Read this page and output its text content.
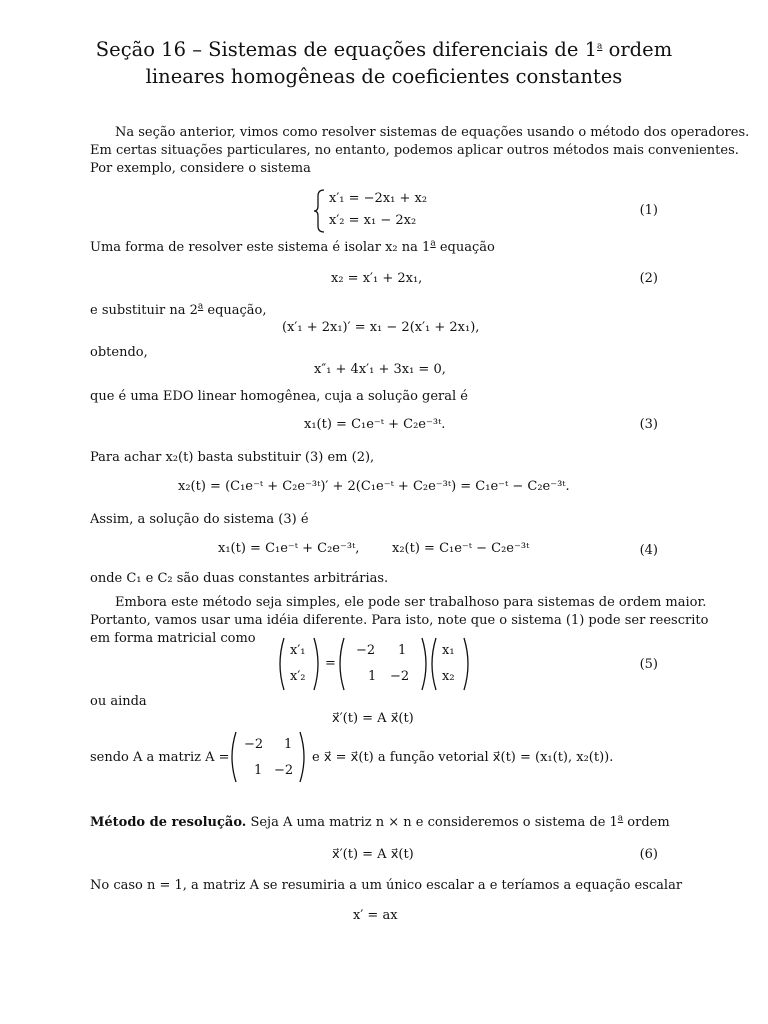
Seção 16 – Sistemas de equações diferenciais de 1$^a$ ordem
lineares homogêneas de coeficientes constantes
Na seção anterior, vimos como resolver sistemas de equações usando o método dos operadores.
Em certas situações particulares, no entanto, podemos aplicar outros métodos mais convenientes.
Por exemplo, considere o sistema
x′₁ = −2x₁ + x₂
x′₂ = x₁ − 2x₂
(1)
Uma forma de resolver este sistema é isolar x₂ na 1$^a$ equação
x₂ = x′₁ + 2x₁,	(2)
e substituir na 2$^a$ equação,
(x′₁ + 2x₁)′ = x₁ − 2(x′₁ + 2x₁),
obtendo,
x″₁ + 4x′₁ + 3x₁ = 0,
que é uma EDO linear homogênea, cuja a solução geral é
x₁(t) = C₁e⁻ᵗ + C₂e⁻³ᵗ.	(3)
Para achar x₂(t) basta substituir (3) em (2),
x₂(t) = (C₁e⁻ᵗ + C₂e⁻³ᵗ)′ + 2(C₁e⁻ᵗ + C₂e⁻³ᵗ) = C₁e⁻ᵗ − C₂e⁻³ᵗ.
Assim, a solução do sistema (3) é
x₁(t) = C₁e⁻ᵗ + C₂e⁻³ᵗ,	x₂(t) = C₁e⁻ᵗ − C₂e⁻³ᵗ	(4)
onde C₁ e C₂ são duas constantes arbitrárias.
Embora este método seja simples, ele pode ser trabalhoso para sistemas de ordem maior.
Portanto, vamos usar uma idéia diferente. Para isto, note que o sistema (1) pode ser reescrito
em forma matricial como
x′₁
x′₂
=
−2 1
1 −2
x₁
x₂
(5)
ou ainda
x⃗′(t) = A x⃗(t)
sendo A a matriz A =
−2 1
1 −2
e x⃗ = x⃗(t) a função vetorial x⃗(t) = (x₁(t), x₂(t)).
Método de resolução. Seja A uma matriz n × n e consideremos o sistema de 1$^a$ ordem
x⃗′(t) = A x⃗(t)	(6)
No caso n = 1, a matriz A se resumiria a um único escalar a e teríamos a equação escalar
x′ = ax
